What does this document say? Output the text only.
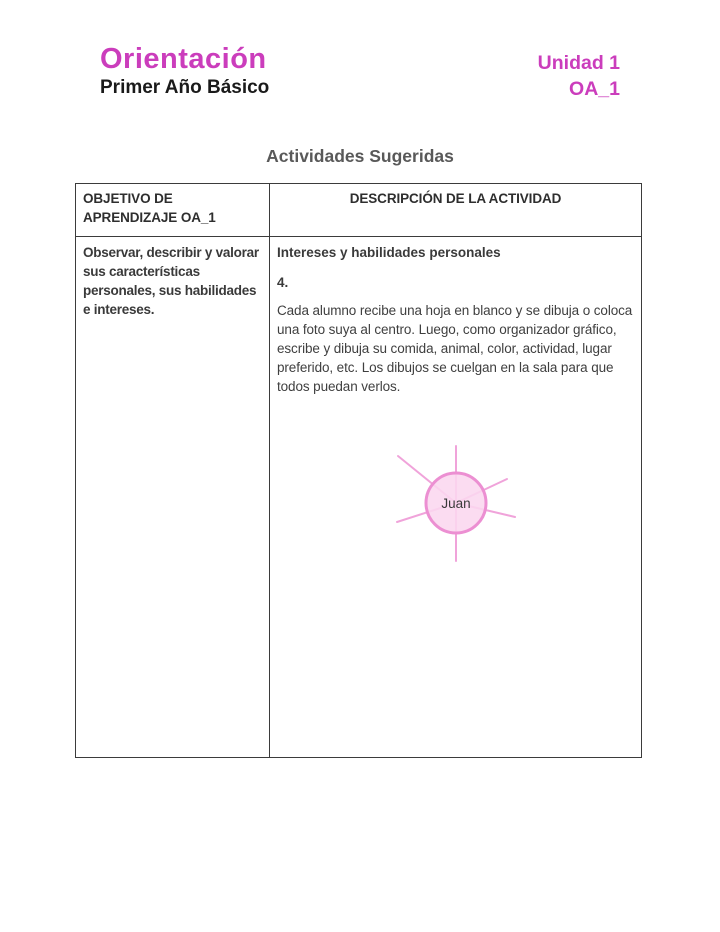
Orientación
Primer Año Básico
Unidad 1
OA_1
Actividades Sugeridas
OBJETIVO DE APRENDIZAJE OA_1
DESCRIPCIÓN DE LA ACTIVIDAD
Observar, describir y valorar sus características personales, sus habilidades e intereses.
Intereses y habilidades personales
4.
Cada alumno recibe una hoja en blanco y se dibuja o coloca una foto suya al centro. Luego, como organizador gráfico, escribe y dibuja su comida, animal, color, actividad, lugar preferido, etc. Los dibujos se cuelgan en la sala para que todos puedan verlos.
Juan
